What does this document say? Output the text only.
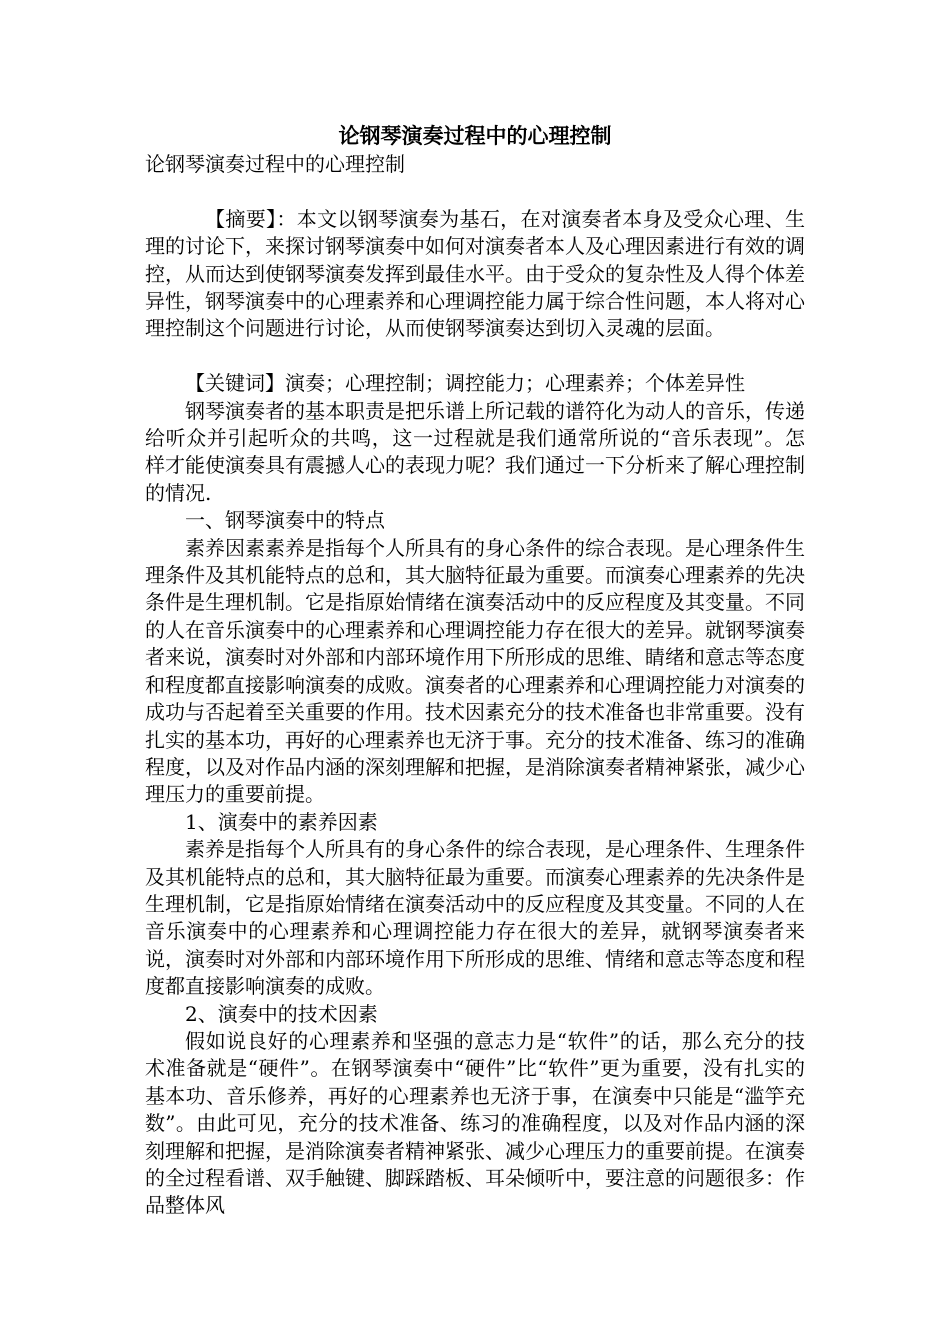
论钢琴演奏过程中的心理控制

论钢琴演奏过程中的心理控制

【摘要】：本文以钢琴演奏为基石，在对演奏者本身及受众心理、生理的讨论下，来探讨钢琴演奏中如何对演奏者本人及心理因素进行有效的调控，从而达到使钢琴演奏发挥到最佳水平。由于受众的复杂性及人得个体差异性，钢琴演奏中的心理素养和心理调控能力属于综合性问题，本人将对心理控制这个问题进行讨论，从而使钢琴演奏达到切入灵魂的层面。

【关键词】演奏；心理控制；调控能力；心理素养；个体差异性

钢琴演奏者的基本职责是把乐谱上所记载的谱符化为动人的音乐，传递给听众并引起听众的共鸣，这一过程就是我们通常所说的“音乐表现”。怎样才能使演奏具有震撼人心的表现力呢？我们通过一下分析来了解心理控制的情况.

一、钢琴演奏中的特点

素养因素素养是指每个人所具有的身心条件的综合表现。是心理条件生理条件及其机能特点的总和，其大脑特征最为重要。而演奏心理素养的先决条件是生理机制。它是指原始情绪在演奏活动中的反应程度及其变量。不同的人在音乐演奏中的心理素养和心理调控能力存在很大的差异。就钢琴演奏者来说，演奏时对外部和内部环境作用下所形成的思维、睛绪和意志等态度和程度都直接影响演奏的成败。演奏者的心理素养和心理调控能力对演奏的成功与否起着至关重要的作用。技术因素充分的技术准备也非常重要。没有扎实的基本功，再好的心理素养也无济于事。充分的技术准备、练习的准确程度，以及对作品内涵的深刻理解和把握，是消除演奏者精神紧张，减少心理压力的重要前提。

1、演奏中的素养因素

素养是指每个人所具有的身心条件的综合表现，是心理条件、生理条件及其机能特点的总和，其大脑特征最为重要。而演奏心理素养的先决条件是生理机制，它是指原始情绪在演奏活动中的反应程度及其变量。不同的人在音乐演奏中的心理素养和心理调控能力存在很大的差异，就钢琴演奏者来说，演奏时对外部和内部环境作用下所形成的思维、情绪和意志等态度和程度都直接影响演奏的成败。

2、演奏中的技术因素

假如说良好的心理素养和坚强的意志力是“软件”的话，那么充分的技术准备就是“硬件”。在钢琴演奏中“硬件”比“软件”更为重要，没有扎实的基本功、音乐修养，再好的心理素养也无济于事，在演奏中只能是“滥竽充数”。由此可见，充分的技术准备、练习的准确程度，以及对作品内涵的深刻理解和把握，是消除演奏者精神紧张、减少心理压力的重要前提。在演奏的全过程看谱、双手触键、脚踩踏板、耳朵倾听中，要注意的问题很多：作品整体风
